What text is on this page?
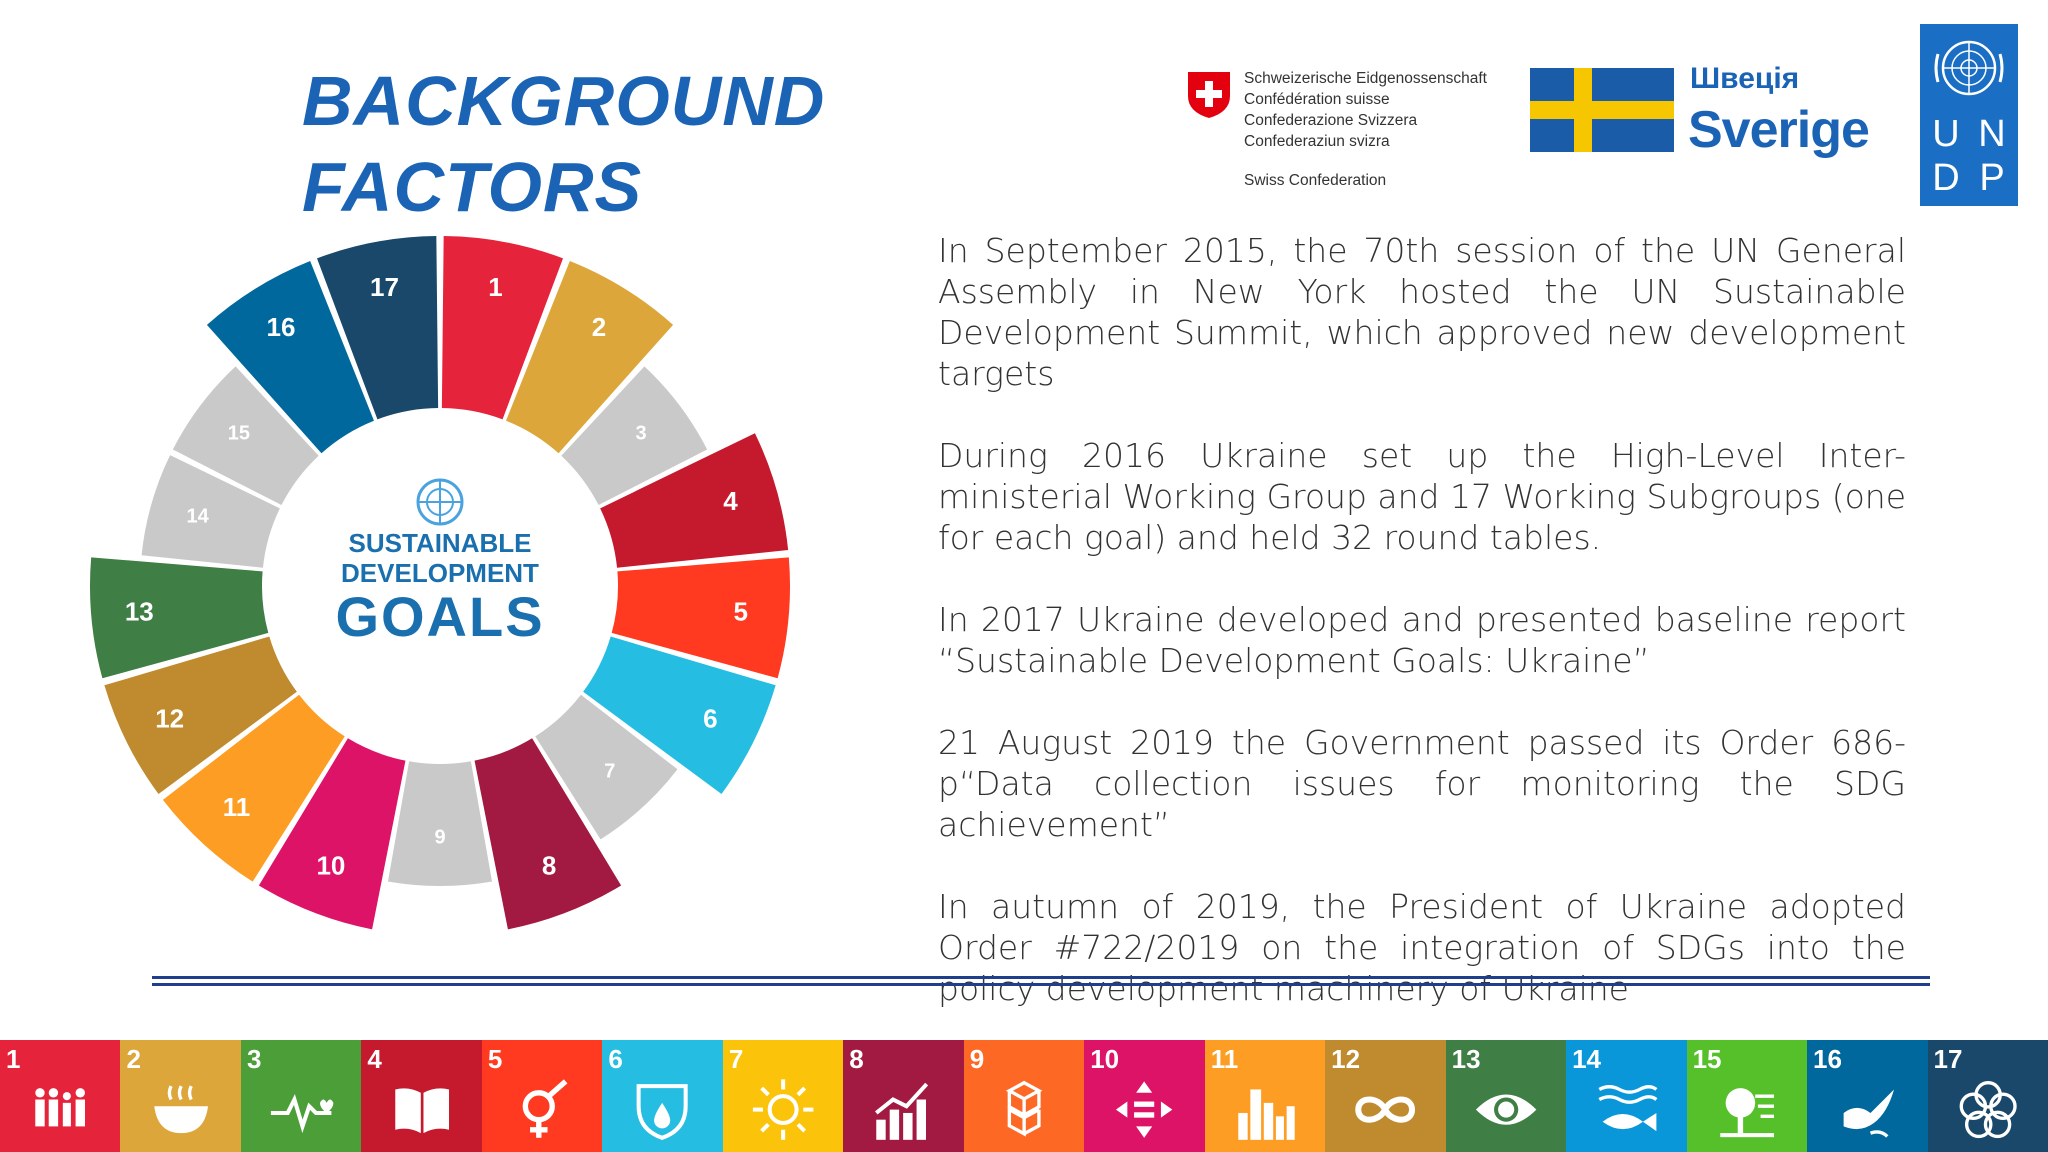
BACKGROUND FACTORS
Schweizerische Eidgenossenschaft
Confédération suisse
Confederazione Svizzera
Confederaziun svizra
Swiss Confederation
Швеція
Sverige U N
D P
1
2
3
4
5
6
7
8
9
10
11
12
13
14
15
16
17
SUSTAINABLE
DEVELOPMENT
GOALS

In September 2015, the 70th session of the UN General Assembly in New York hosted the UN Sustainable Development Summit, which approved new development targets

During 2016 Ukraine set up the High-Level Inter-ministerial Working Group and 17 Working Subgroups (one for each goal) and held 32 round tables.

In 2017 Ukraine developed and presented baseline report “Sustainable Development Goals: Ukraine”

21 August 2019 the Government passed its Order 686-p“Data collection issues for monitoring the SDG achievement”

In autumn of 2019, the President of Ukraine adopted Order #722/2019 on the integration of SDGs into the policy development machinery of Ukraine

1	2	3	4	5	6	7	8	9	10	11	12	13	14	15	16	17
